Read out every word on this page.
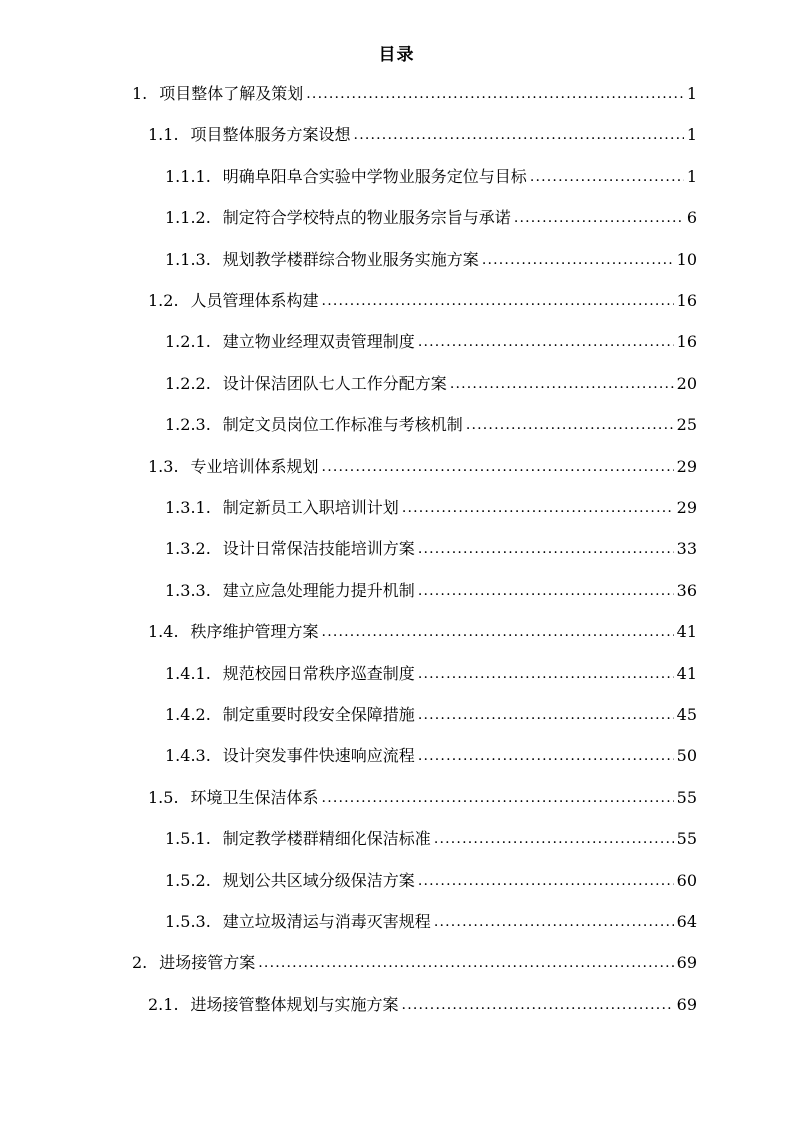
目录
1. 项目整体了解及策划 .....	1
1.1. 项目整体服务方案设想 .....	1
1.1.1. 明确阜阳阜合实验中学物业服务定位与目标 .....	1
1.1.2. 制定符合学校特点的物业服务宗旨与承诺 .....	6
1.1.3. 规划教学楼群综合物业服务实施方案 .....	10
1.2. 人员管理体系构建 .....	16
1.2.1. 建立物业经理双责管理制度 .....	16
1.2.2. 设计保洁团队七人工作分配方案 .....	20
1.2.3. 制定文员岗位工作标准与考核机制 .....	25
1.3. 专业培训体系规划 .....	29
1.3.1. 制定新员工入职培训计划 .....	29
1.3.2. 设计日常保洁技能培训方案 .....	33
1.3.3. 建立应急处理能力提升机制 .....	36
1.4. 秩序维护管理方案 .....	41
1.4.1. 规范校园日常秩序巡查制度 .....	41
1.4.2. 制定重要时段安全保障措施 .....	45
1.4.3. 设计突发事件快速响应流程 .....	50
1.5. 环境卫生保洁体系 .....	55
1.5.1. 制定教学楼群精细化保洁标准 .....	55
1.5.2. 规划公共区域分级保洁方案 .....	60
1.5.3. 建立垃圾清运与消毒灭害规程 .....	64
2. 进场接管方案 .....	69
2.1. 进场接管整体规划与实施方案 .....	69
